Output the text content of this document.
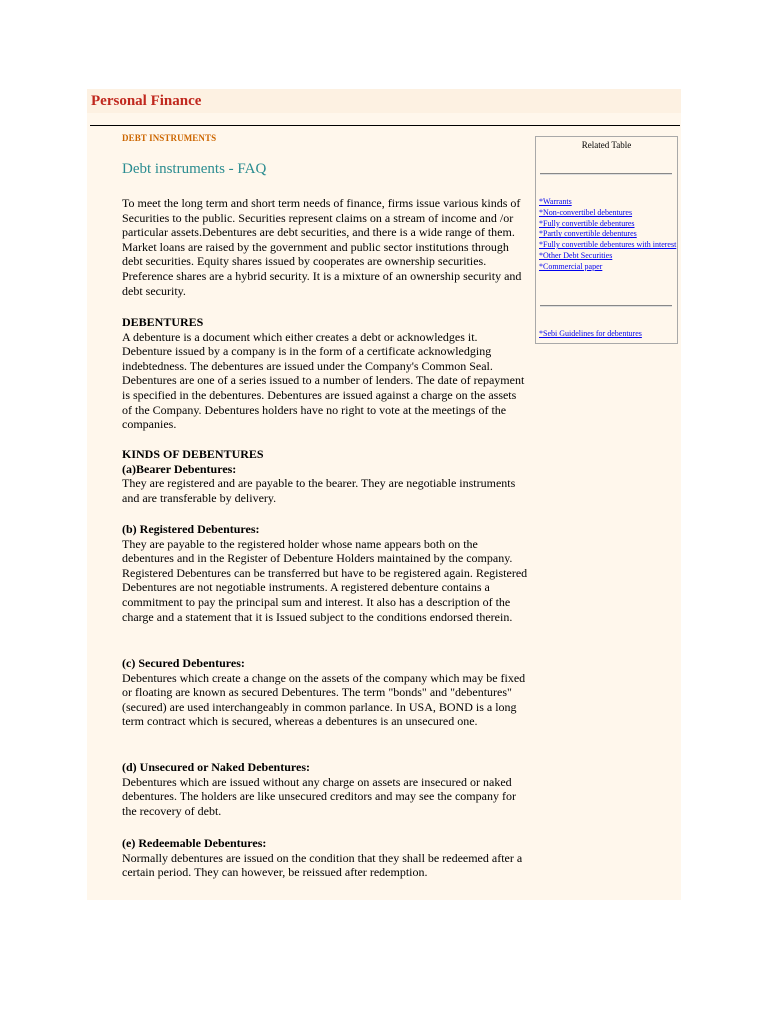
Personal Finance
DEBT INSTRUMENTS
Debt instruments - FAQ

To meet the long term and short term needs of finance, firms issue various kinds of Securities to the public. Securities represent claims on a stream of income and /or particular assets.Debentures are debt securities, and there is a wide range of them. Market loans are raised by the government and public sector institutions through debt securities. Equity shares issued by cooperates are ownership securities. Preference shares are a hybrid security. It is a mixture of an ownership security and debt security.

DEBENTURES

A debenture is a document which either creates a debt or acknowledges it. Debenture issued by a company is in the form of a certificate acknowledging indebtedness. The debentures are issued under the Company's Common Seal. Debentures are one of a series issued to a number of lenders. The date of repayment is specified in the debentures. Debentures are issued against a charge on the assets of the Company. Debentures holders have no right to vote at the meetings of the companies.

KINDS OF DEBENTURES
(a)Bearer Debentures:

They are registered and are payable to the bearer. They are negotiable instruments and are transferable by delivery.

(b) Registered Debentures:

They are payable to the registered holder whose name appears both on the debentures and in the Register of Debenture Holders maintained by the company. Registered Debentures can be transferred but have to be registered again. Registered Debentures are not negotiable instruments. A registered debenture contains a commitment to pay the principal sum and interest. It also has a description of the charge and a statement that it is Issued subject to the conditions endorsed therein.

(c) Secured Debentures:

Debentures which create a change on the assets of the company which may be fixed or floating are known as secured Debentures. The term "bonds" and "debentures"(secured) are used interchangeably in common parlance. In USA, BOND is a long term contract which is secured, whereas a debentures is an unsecured one.

(d) Unsecured or Naked Debentures:

Debentures which are issued without any charge on assets are insecured or naked debentures. The holders are like unsecured creditors and may see the company for the recovery of debt.

(e) Redeemable Debentures:

Normally debentures are issued on the condition that they shall be redeemed after a certain period. They can however, be reissued after redemption.

Related Table
*Warrants
*Non-convertibel debentures
*Fully convertible debentures
*Partly convertible debentures
*Fully convertible debentures with interest
*Other Debt Securities
*Commercial paper
*Sebi Guidelines for debentures
